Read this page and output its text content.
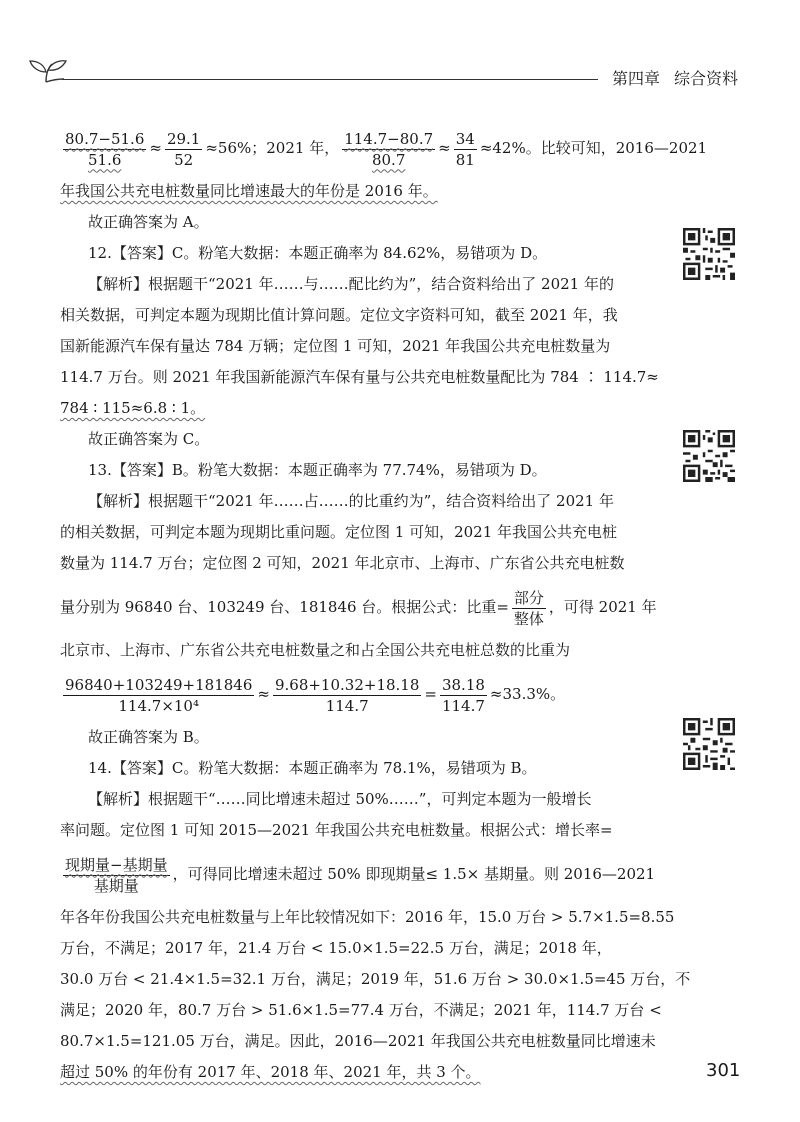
第四章 综合资料
$\frac{80.7-51.6}{51.6} \approx \frac{29.1}{52} \approx 56\%$；2021 年， $\frac{114.7-80.7}{80.7} \approx \frac{34}{81} \approx 42\%$。比较可知，2016—2021
年我国公共充电桩数量同比增速最大的年份是 2016 年。
故正确答案为 A。
12.【答案】C。粉笔大数据：本题正确率为 84.62%，易错项为 D。
【解析】根据题干“2021 年……与……配比约为”，结合资料给出了 2021 年的
相关数据，可判定本题为现期比值计算问题。定位文字资料可知，截至 2021 年，我
国新能源汽车保有量达 784 万辆；定位图 1 可知，2021 年我国公共充电桩数量为
114.7 万台。则 2021 年我国新能源汽车保有量与公共充电桩数量配比为 784 ∶ 114.7≈
784 ∶ 115≈6.8 ∶ 1。
故正确答案为 C。
13.【答案】B。粉笔大数据：本题正确率为 77.74%，易错项为 D。
【解析】根据题干“2021 年……占……的比重约为”，结合资料给出了 2021 年
的相关数据，可判定本题为现期比重问题。定位图 1 可知，2021 年我国公共充电桩
数量为 114.7 万台；定位图 2 可知，2021 年北京市、上海市、广东省公共充电桩数
量分别为 96840 台、103249 台、181846 台。根据公式：比重= $\frac{\text{部分}}{\text{整体}}$ ，可得 2021 年
北京市、上海市、广东省公共充电桩数量之和占全国公共充电桩总数的比重为
$\frac{96840+103249+181846}{\text{114.7×10⁴}} \approx \frac{9.68+10.32+18.18}{114.7} = \frac{38.18}{114.7} \approx 33.3\%$。
故正确答案为 B。
14.【答案】C。粉笔大数据：本题正确率为 78.1%，易错项为 B。
【解析】根据题干“……同比增速未超过 50%……”，可判定本题为一般增长
率问题。定位图 1 可知 2015—2021 年我国公共充电桩数量。根据公式：增长率=
$\frac{\text{现期量−基期量}}{\text{基期量}}$ ，可得同比增速未超过 50% 即现期量≤ 1.5× 基期量。则 2016—2021
年各年份我国公共充电桩数量与上年比较情况如下：2016 年，15.0 万台 > 5.7×1.5=8.55
万台，不满足；2017 年，21.4 万台 < 15.0×1.5=22.5 万台，满足；2018 年，
30.0 万台 < 21.4×1.5=32.1 万台，满足；2019 年，51.6 万台 > 30.0×1.5=45 万台，不
满足；2020 年，80.7 万台 > 51.6×1.5=77.4 万台，不满足；2021 年，114.7 万台 <
80.7×1.5=121.05 万台，满足。因此，2016—2021 年我国公共充电桩数量同比增速未
超过 50% 的年份有 2017 年、2018 年、2021 年，共 3 个。	301
